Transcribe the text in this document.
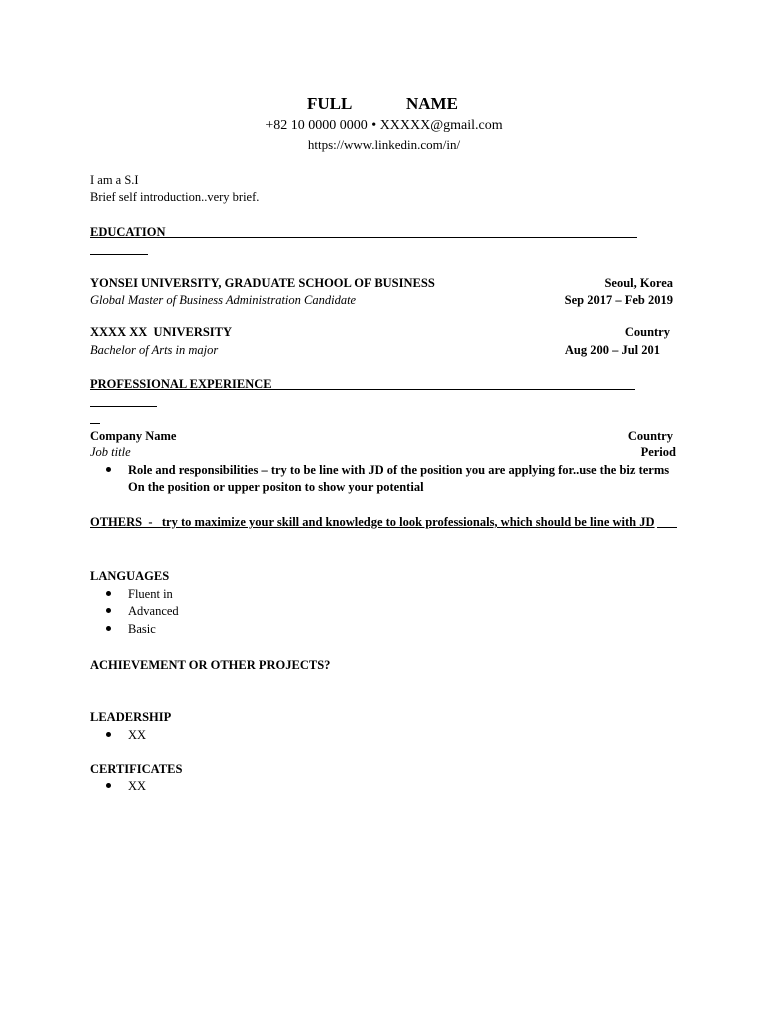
FULL	NAME
+82 10 0000 0000 • XXXXX@gmail.com
https://www.linkedin.com/in/
I am a S.I
Brief self introduction..very brief.
EDUCATION
YONSEI UNIVERSITY, GRADUATE SCHOOL OF BUSINESS	Seoul, Korea
Global Master of Business Administration Candidate	Sep 2017 – Feb 2019
XXXX XX  UNIVERSITY	Country
Bachelor of Arts in major	Aug 200 – Jul 201
PROFESSIONAL EXPERIENCE
Company Name	Country
Job title	Period
Role and responsibilities – try to be line with JD of the position you are applying for..use the biz terms
On the position or upper positon to show your potential
OTHERS  -   try to maximize your skill and knowledge to look professionals, which should be line with JD
LANGUAGES
Fluent in
Advanced
Basic
ACHIEVEMENT OR OTHER PROJECTS?
LEADERSHIP
XX
CERTIFICATES
XX
